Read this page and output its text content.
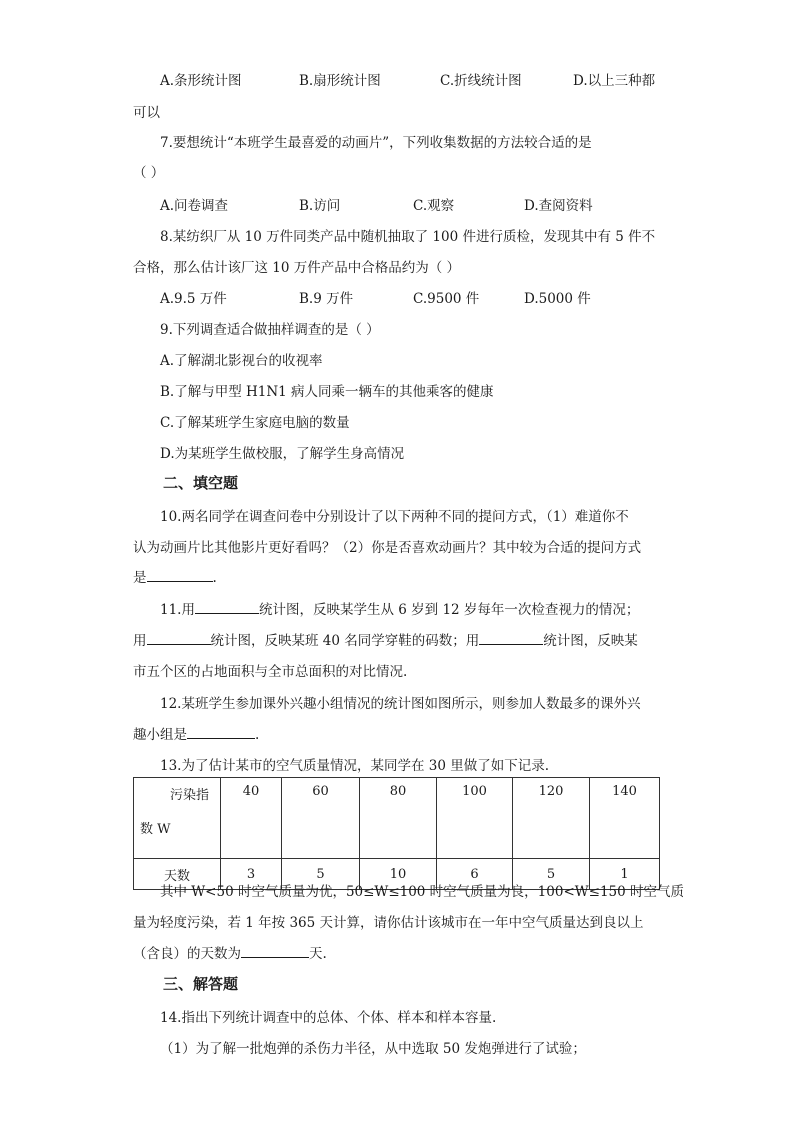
A.条形统计图	B.扇形统计图	C.折线统计图	D.以上三种都
可以
7.要想统计“本班学生最喜爱的动画片”，下列收集数据的方法较合适的是
（ ）
A.问卷调查	B.访问	C.观察	D.查阅资料
8.某纺织厂从 10 万件同类产品中随机抽取了 100 件进行质检，发现其中有 5 件不
合格，那么估计该厂这 10 万件产品中合格品约为（ ）
A.9.5 万件	B.9 万件	C.9500 件	D.5000 件
9.下列调查适合做抽样调查的是（ ）
A.了解湖北影视台的收视率
B.了解与甲型 H1N1 病人同乘一辆车的其他乘客的健康
C.了解某班学生家庭电脑的数量
D.为某班学生做校服，了解学生身高情况
二、填空题
10.两名同学在调查问卷中分别设计了以下两种不同的提问方式，（1）难道你不
认为动画片比其他影片更好看吗？（2）你是否喜欢动画片？其中较为合适的提问方式
是	.
11.用	统计图，反映某学生从 6 岁到 12 岁每年一次检查视力的情况；
用	统计图，反映某班 40 名同学穿鞋的码数；用	统计图，反映某
市五个区的占地面积与全市总面积的对比情况.
12.某班学生参加课外兴趣小组情况的统计图如图所示，则参加人数最多的课外兴
趣小组是	.
13.为了估计某市的空气质量情况，某同学在 30 里做了如下记录.
污染指
数 W	40	60	80	100	120	140
天数	3	5	10	6	5	1
其中 W<50 时空气质量为优，50≤W≤100 时空气质量为良，100<W≤150 时空气质
量为轻度污染，若 1 年按 365 天计算，请你估计该城市在一年中空气质量达到良以上
（含良）的天数为	天.
三、解答题
14.指出下列统计调查中的总体、个体、样本和样本容量.
（1）为了解一批炮弹的杀伤力半径，从中选取 50 发炮弹进行了试验；
